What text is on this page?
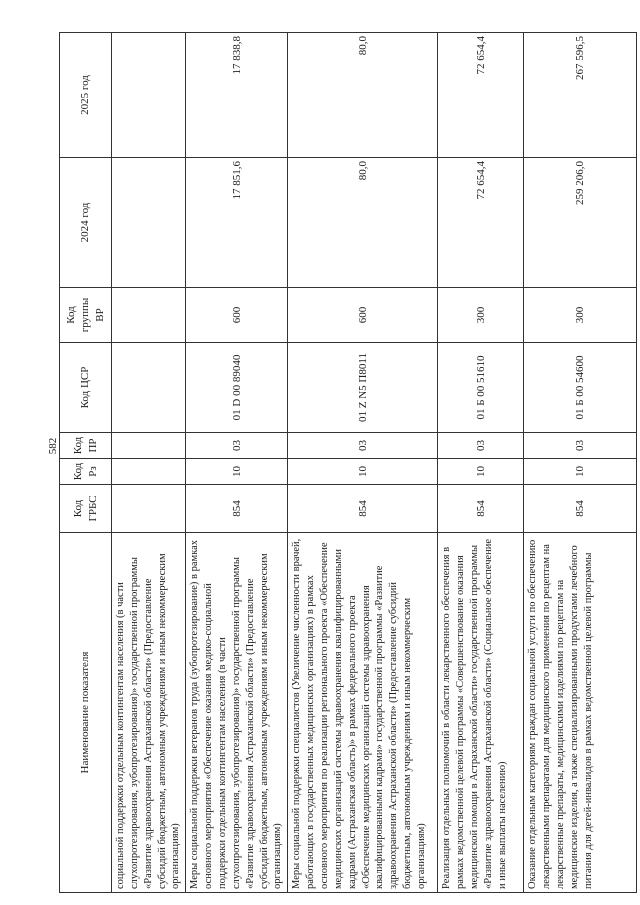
582
Наименование показателя	Код ГРБС	Код Рз	Код ПР	Код ЦСР	Код группы ВР	2024 год	2025 год
социальной поддержки отдельным контингентам населения (в части слухопротезирования, зубопротезирования)» государственной программы «Развитие здравоохранения Астраханской области» (Предоставление субсидий бюджетным, автономным учреждениям и иным некоммерческим организациям)							
Меры социальной поддержки ветеранов труда (зубопротезирование) в рамках основного мероприятия «Обеспечение оказания медико-социальной поддержки отдельным контингентам населения (в части слухопротезирования, зубопротезирования)» государственной программы «Развитие здравоохранения Астраханской области» (Предоставление субсидий бюджетным, автономным учреждениям и иным некоммерческим организациям)	854	10	03	01 D 00 89040	600	17 851,6	17 838,8
Меры социальной поддержки специалистов (Увеличение численности врачей, работающих в государственных медицинских организациях) в рамках основного мероприятия по реализации регионального проекта «Обеспечение медицинских организаций системы здравоохранения квалифицированными кадрами (Астраханская область)» в рамках федерального проекта «Обеспечение медицинских организаций системы здравоохранения квалифицированными кадрами» государственной программы «Развитие здравоохранения Астраханской области» (Предоставление субсидий бюджетным, автономным учреждениям и иным некоммерческим организациям)	854	10	03	01 Z N5 П8011	600	80,0	80,0
Реализация отдельных полномочий в области лекарственного обеспечения в рамках ведомственной целевой программы «Совершенствование оказания медицинской помощи в Астраханской области» государственной программы «Развитие здравоохранения Астраханской области» (Социальное обеспечение и иные выплаты населению)	854	10	03	01 Б 00 51610	300	72 654,4	72 654,4
Оказание отдельным категориям граждан социальной услуги по обеспечению лекарственными препаратами для медицинского применения по рецептам на лекарственные препараты, медицинскими изделиями по рецептам на медицинские изделия, а также специализированными продуктами лечебного питания для детей-инвалидов в рамках ведомственной целевой программы	854	10	03	01 Б 00 54600	300	259 206,0	267 596,5
